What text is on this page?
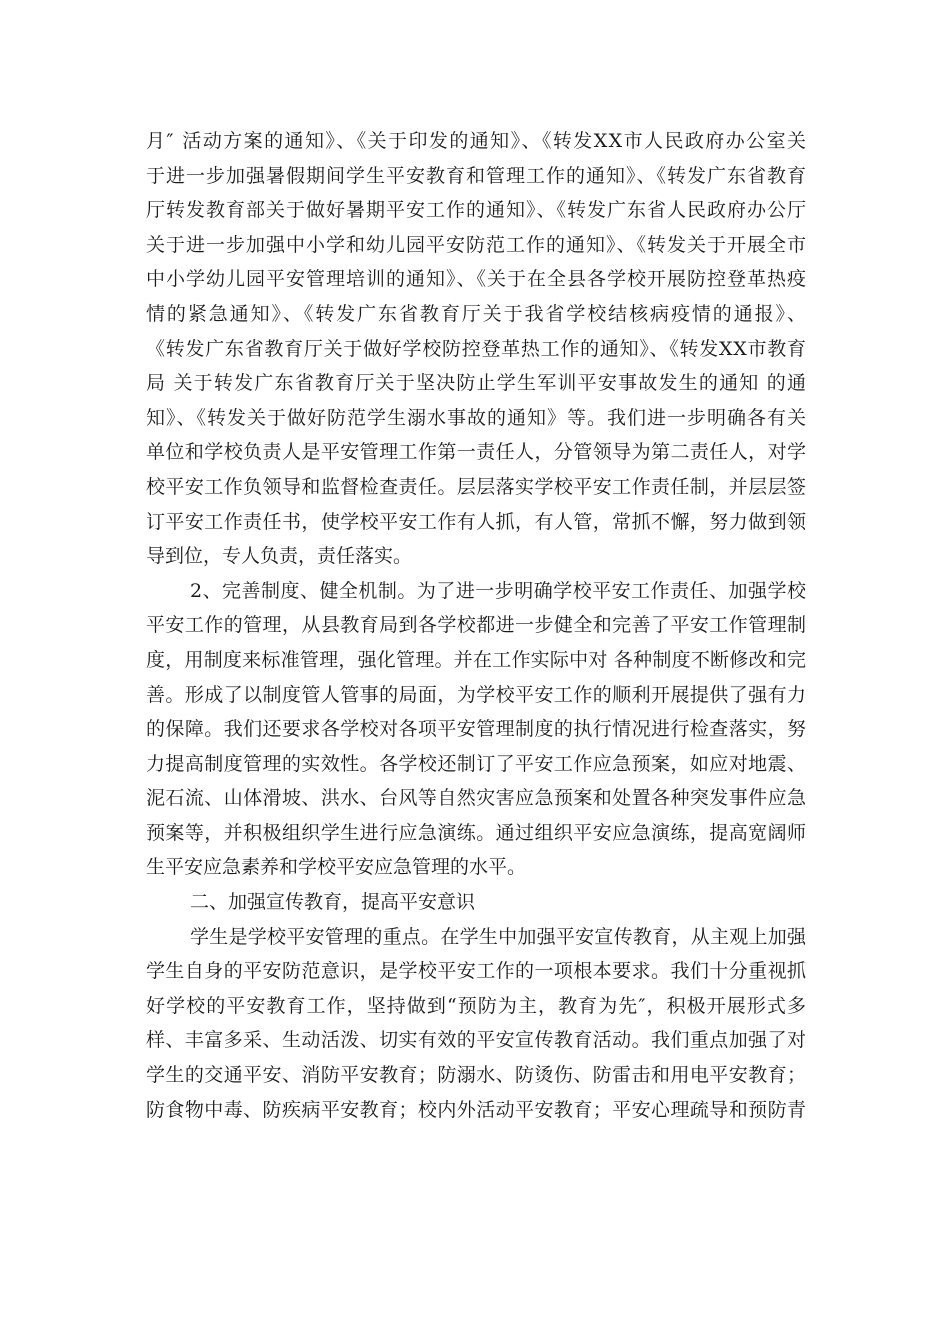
月″ 活动方案的通知》、《关于印发的通知》、《转发XX市人民政府办公室关
于进一步加强暑假期间学生平安教育和管理工作的通知》、《转发广东省教育
厅转发教育部关于做好暑期平安工作的通知》、《转发广东省人民政府办公厅
关于进一步加强中小学和幼儿园平安防范工作的通知》、《转发关于开展全市
中小学幼儿园平安管理培训的通知》、《关于在全县各学校开展防控登革热疫
情的紧急通知》、《转发广东省教育厅关于我省学校结核病疫情的通报》、
《转发广东省教育厅关于做好学校防控登革热工作的通知》、《转发XX市教育
局 关于转发广东省教育厅关于坚决防止学生军训平安事故发生的通知 的通
知》、《转发关于做好防范学生溺水事故的通知》等。我们进一步明确各有关
单位和学校负责人是平安管理工作第一责任人，分管领导为第二责任人，对学
校平安工作负领导和监督检查责任。层层落实学校平安工作责任制，并层层签
订平安工作责任书，使学校平安工作有人抓，有人管，常抓不懈，努力做到领
导到位，专人负责，责任落实。
2、完善制度、健全机制。为了进一步明确学校平安工作责任、加强学校
平安工作的管理，从县教育局到各学校都进一步健全和完善了平安工作管理制
度，用制度来标准管理，强化管理。并在工作实际中对 各种制度不断修改和完
善。形成了以制度管人管事的局面，为学校平安工作的顺利开展提供了强有力
的保障。我们还要求各学校对各项平安管理制度的执行情况进行检查落实，努
力提高制度管理的实效性。各学校还制订了平安工作应急预案，如应对地震、
泥石流、山体滑坡、洪水、台风等自然灾害应急预案和处置各种突发事件应急
预案等，并积极组织学生进行应急演练。通过组织平安应急演练，提高宽阔师
生平安应急素养和学校平安应急管理的水平。
二、加强宣传教育，提高平安意识
学生是学校平安管理的重点。在学生中加强平安宣传教育，从主观上加强
学生自身的平安防范意识，是学校平安工作的一项根本要求。我们十分重视抓
好学校的平安教育工作，坚持做到“预防为主，教育为先″，积极开展形式多
样、丰富多采、生动活泼、切实有效的平安宣传教育活动。我们重点加强了对
学生的交通平安、消防平安教育；防溺水、防烫伤、防雷击和用电平安教育；
防食物中毒、防疾病平安教育；校内外活动平安教育；平安心理疏导和预防青
